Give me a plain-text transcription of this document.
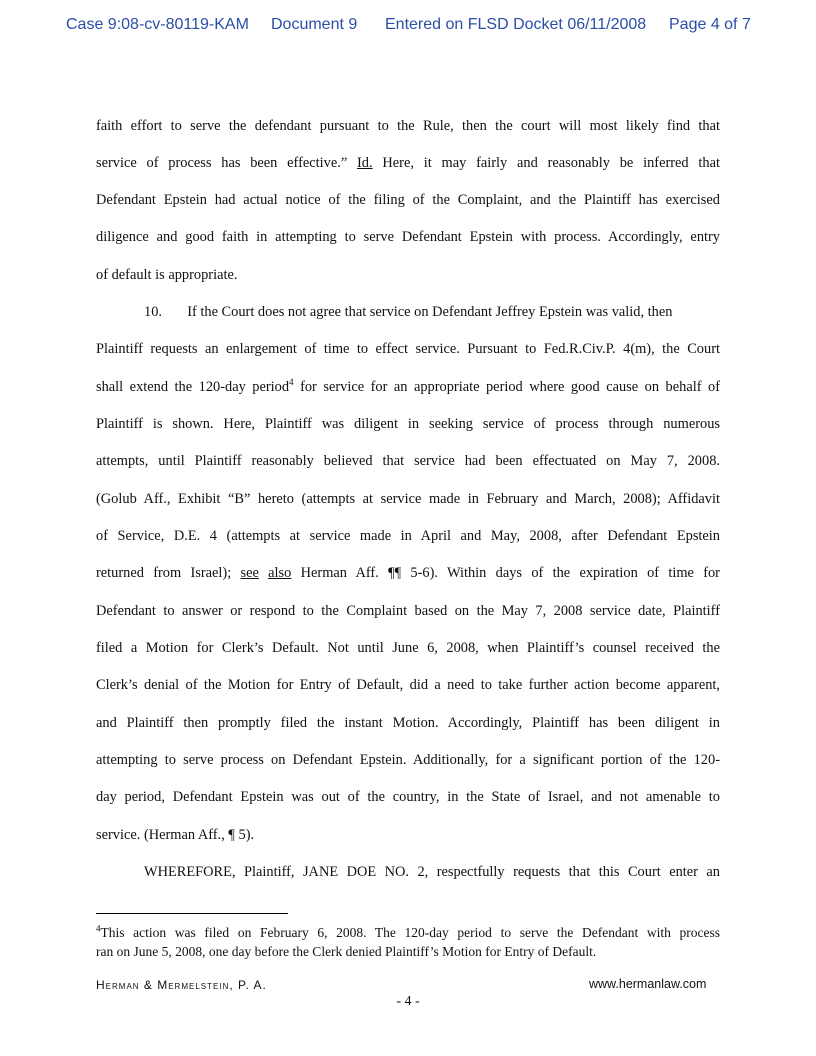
Case 9:08-cv-80119-KAM Document 9 Entered on FLSD Docket 06/11/2008 Page 4 of 7
faith effort to serve the defendant pursuant to the Rule, then the court will most likely find that
service of process has been effective.” Id. Here, it may fairly and reasonably be inferred that
Defendant Epstein had actual notice of the filing of the Complaint, and the Plaintiff has exercised
diligence and good faith in attempting to serve Defendant Epstein with process. Accordingly, entry
of default is appropriate.
10. If the Court does not agree that service on Defendant Jeffrey Epstein was valid, then
Plaintiff requests an enlargement of time to effect service. Pursuant to Fed.R.Civ.P. 4(m), the Court
shall extend the 120-day period$^4$ for service for an appropriate period where good cause on behalf of
Plaintiff is shown. Here, Plaintiff was diligent in seeking service of process through numerous
attempts, until Plaintiff reasonably believed that service had been effectuated on May 7, 2008.
(Golub Aff., Exhibit “B” hereto (attempts at service made in February and March, 2008); Affidavit
of Service, D.E. 4 (attempts at service made in April and May, 2008, after Defendant Epstein
returned from Israel); see also Herman Aff. ¶¶ 5-6). Within days of the expiration of time for
Defendant to answer or respond to the Complaint based on the May 7, 2008 service date, Plaintiff
filed a Motion for Clerk’s Default. Not until June 6, 2008, when Plaintiff’s counsel received the
Clerk’s denial of the Motion for Entry of Default, did a need to take further action become apparent,
and Plaintiff then promptly filed the instant Motion. Accordingly, Plaintiff has been diligent in
attempting to serve process on Defendant Epstein. Additionally, for a significant portion of the 120-
day period, Defendant Epstein was out of the country, in the State of Israel, and not amenable to
service. (Herman Aff., ¶ 5).
WHEREFORE, Plaintiff, JANE DOE NO. 2, respectfully requests that this Court enter an
$^4$This action was filed on February 6, 2008. The 120-day period to serve the Defendant with process
ran on June 5, 2008, one day before the Clerk denied Plaintiff’s Motion for Entry of Default.
Herman & Mermelstein, P. A.	www.hermanlaw.com
- 4 -
